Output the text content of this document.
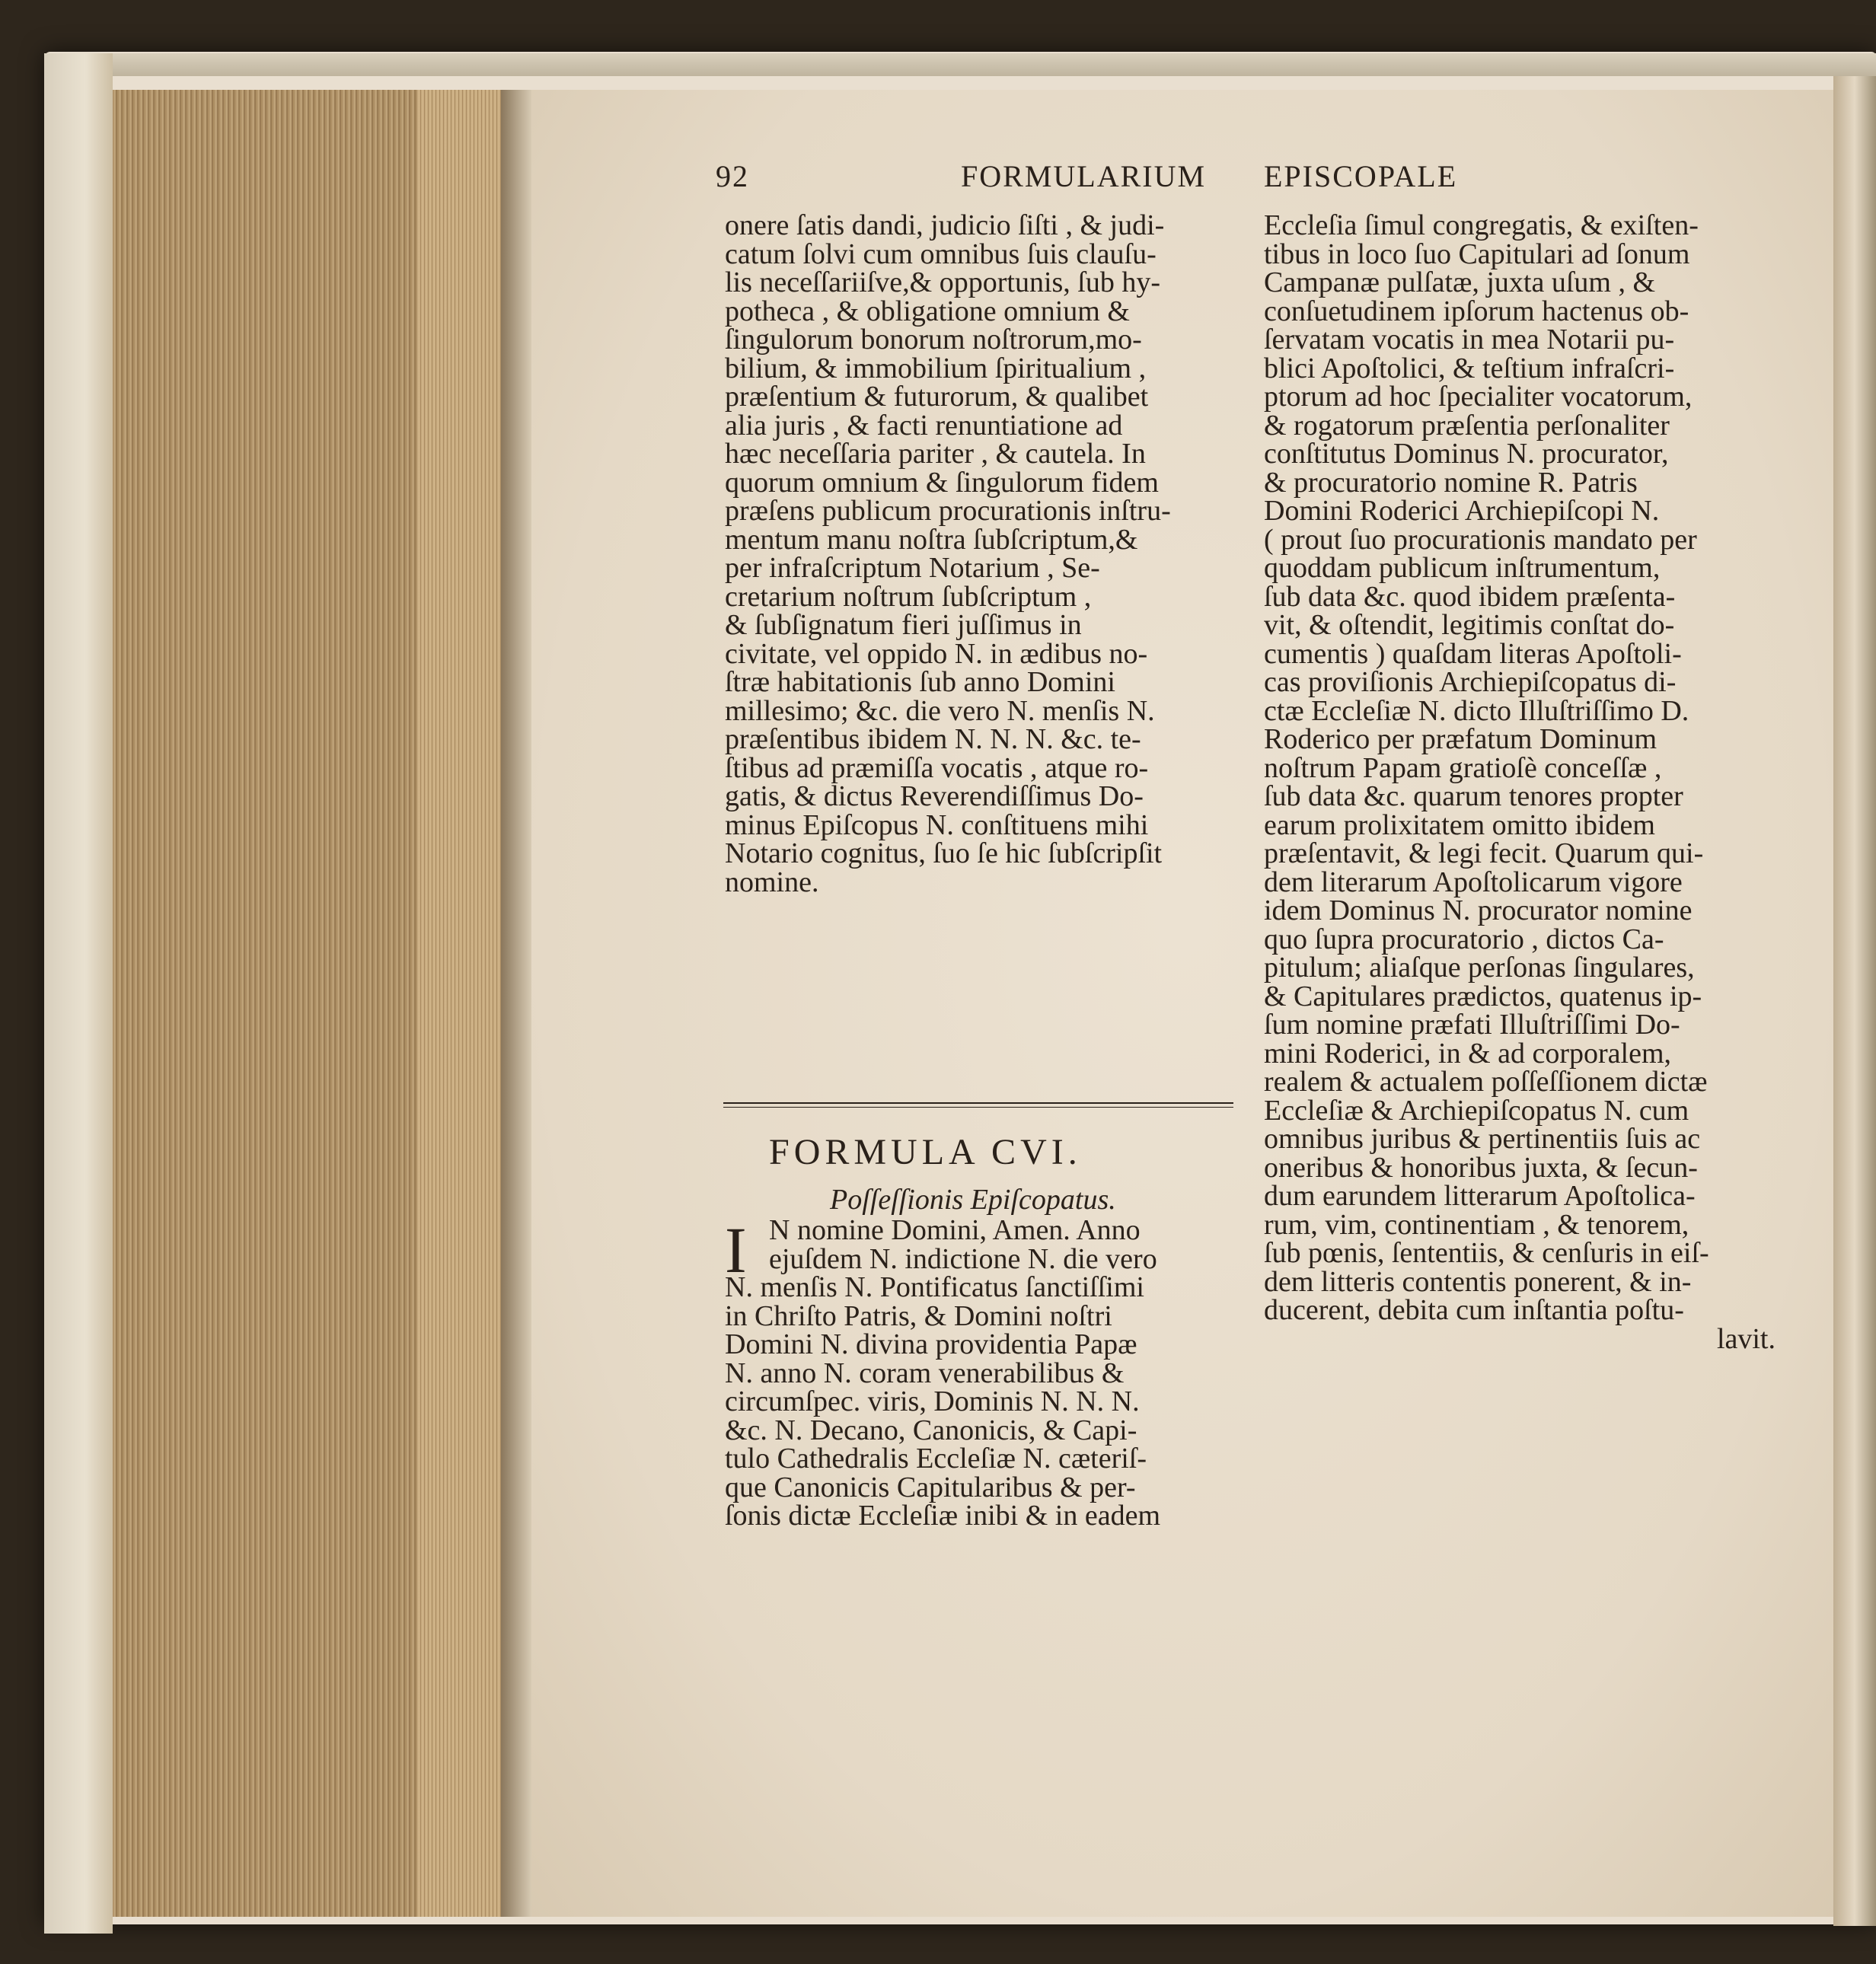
92	FORMULARIUM EPISCOPALE

onere ſatis dandi, judicio ſiſti , & judi-

catum ſolvi cum omnibus ſuis clauſu-

lis neceſſariiſve,& opportunis, ſub hy-

potheca , & obligatione omnium &

ſingulorum bonorum noſtrorum,mo-

bilium, & immobilium ſpiritualium ,

præſentium & futurorum, & qualibet

alia juris , & facti renuntiatione ad

hæc neceſſaria pariter , & cautela. In

quorum omnium & ſingulorum fidem

præſens publicum procurationis inſtru-

mentum manu noſtra ſubſcriptum,&

per infraſcriptum Notarium , Se-

cretarium noſtrum ſubſcriptum ,

& ſubſignatum fieri juſſimus in

civitate, vel oppido N. in ædibus no-

ſtræ habitationis ſub anno Domini

millesimo; &c. die vero N. menſis N.

præſentibus ibidem N. N. N. &c. te-

ſtibus ad præmiſſa vocatis , atque ro-

gatis, & dictus Reverendiſſimus Do-

minus Epiſcopus N. conſtituens mihi

Notario cognitus, ſuo ſe hic ſubſcripſit

nomine.

FORMULA CVI.
Poſſeſſionis Epiſcopatus.
I N nomine Domini, Amen. Anno

ejuſdem N. indictione N. die vero

N. menſis N. Pontificatus ſanctiſſimi

in Chriſto Patris, & Domini noſtri

Domini N. divina providentia Papæ

N. anno N. coram venerabilibus &

circumſpec. viris, Dominis N. N. N.

&c. N. Decano, Canonicis, & Capi-

tulo Cathedralis Eccleſiæ N. cæteriſ-

que Canonicis Capitularibus & per-

ſonis dictæ Eccleſiæ inibi & in eadem

Eccleſia ſimul congregatis, & exiſten-

tibus in loco ſuo Capitulari ad ſonum

Campanæ pulſatæ, juxta uſum , &

conſuetudinem ipſorum hactenus ob-

ſervatam vocatis in mea Notarii pu-

blici Apoſtolici, & teſtium infraſcri-

ptorum ad hoc ſpecialiter vocatorum,

& rogatorum præſentia perſonaliter

conſtitutus Dominus N. procurator,

& procuratorio nomine R. Patris

Domini Roderici Archiepiſcopi N.

( prout ſuo procurationis mandato per

quoddam publicum inſtrumentum,

ſub data &c. quod ibidem præſenta-

vit, & oſtendit, legitimis conſtat do-

cumentis ) quaſdam literas Apoſtoli-

cas proviſionis Archiepiſcopatus di-

ctæ Eccleſiæ N. dicto Illuſtriſſimo D.

Roderico per præfatum Dominum

noſtrum Papam gratioſè conceſſæ ,

ſub data &c. quarum tenores propter

earum prolixitatem omitto ibidem

præſentavit, & legi fecit. Quarum qui-

dem literarum Apoſtolicarum vigore

idem Dominus N. procurator nomine

quo ſupra procuratorio , dictos Ca-

pitulum; aliaſque perſonas ſingulares,

& Capitulares prædictos, quatenus ip-

ſum nomine præfati Illuſtriſſimi Do-

mini Roderici, in & ad corporalem,

realem & actualem poſſeſſionem dictæ

Eccleſiæ & Archiepiſcopatus N. cum

omnibus juribus & pertinentiis ſuis ac

oneribus & honoribus juxta, & ſecun-

dum earundem litterarum Apoſtolica-

rum, vim, continentiam , & tenorem,

ſub pœnis, ſententiis, & cenſuris in eiſ-

dem litteris contentis ponerent, & in-

ducerent, debita cum inſtantia poſtu-

lavit.
